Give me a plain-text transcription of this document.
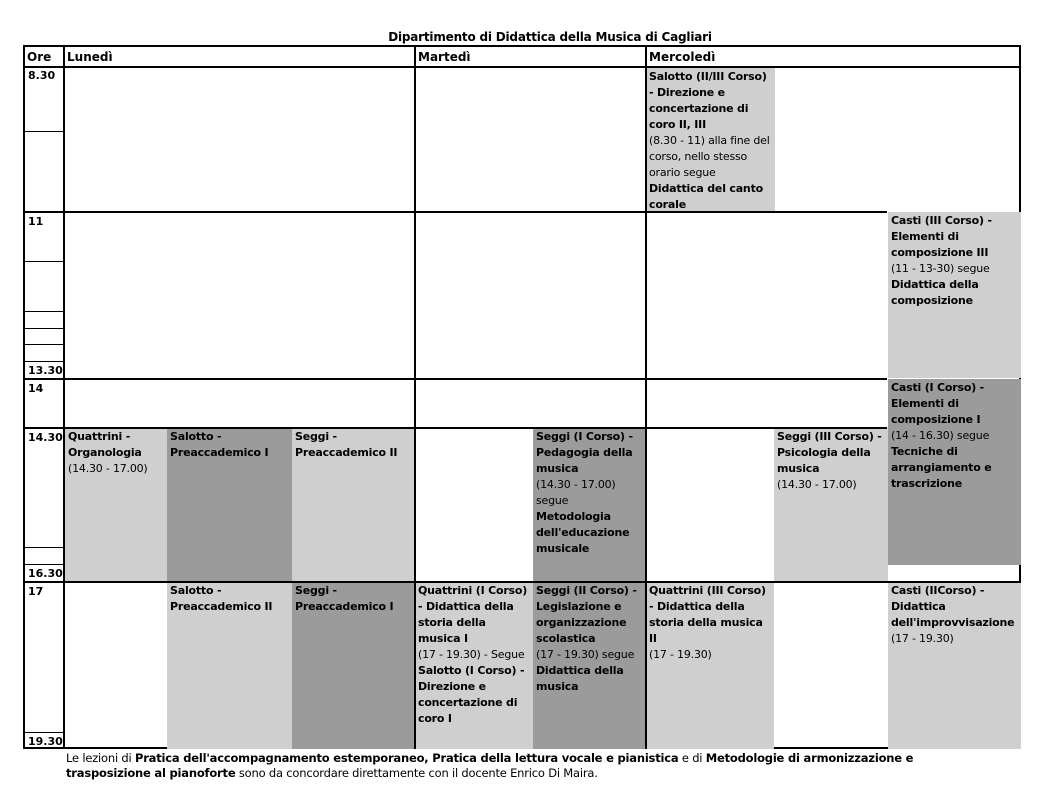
Dipartimento di Didattica della Musica di Cagliari
Salotto (II/III Corso) - Direzione e concertazione di coro II, III
(8.30 - 11) alla fine del corso, nello stesso orario segue
Didattica del canto corale
Casti (III Corso) - Elementi di composizione III
(11 - 13-30) segue
Didattica della composizione
Casti (I Corso) - Elementi di composizione I
(14 - 16.30) segue
Tecniche di arrangiamento e trascrizione
Quattrini - Organologia
(14.30 - 17.00)
Salotto - Preaccademico I
Seggi - Preaccademico II
Seggi (I Corso) - Pedagogia della musica
(14.30 - 17.00) segue
Metodologia dell'educazione musicale
Seggi (III Corso) - Psicologia della musica
(14.30 - 17.00)
Salotto - Preaccademico II
Seggi - Preaccademico I
Quattrini (I Corso) - Didattica della storia della musica I
(17 - 19.30) - Segue
Salotto (I Corso) -Direzione e concertazione di coro I
Seggi (II Corso) - Legislazione e organizzazione scolastica
(17 - 19.30) segue
Didattica della musica
Quattrini (III Corso) - Didattica della storia della musica II
(17 - 19.30)
Casti (IICorso) - Didattica dell'improvvisazione
(17 - 19.30)
Ore Lunedì	Martedì	Mercoledì
8.30
11
13.30
14
14.30
16.30
17
19.30
Le lezioni di Pratica dell'accompagnamento estemporaneo, Pratica della lettura vocale e pianistica e di Metodologie di armonizzazione e trasposizione al pianoforte sono da concordare direttamente con il docente Enrico Di Maira.
